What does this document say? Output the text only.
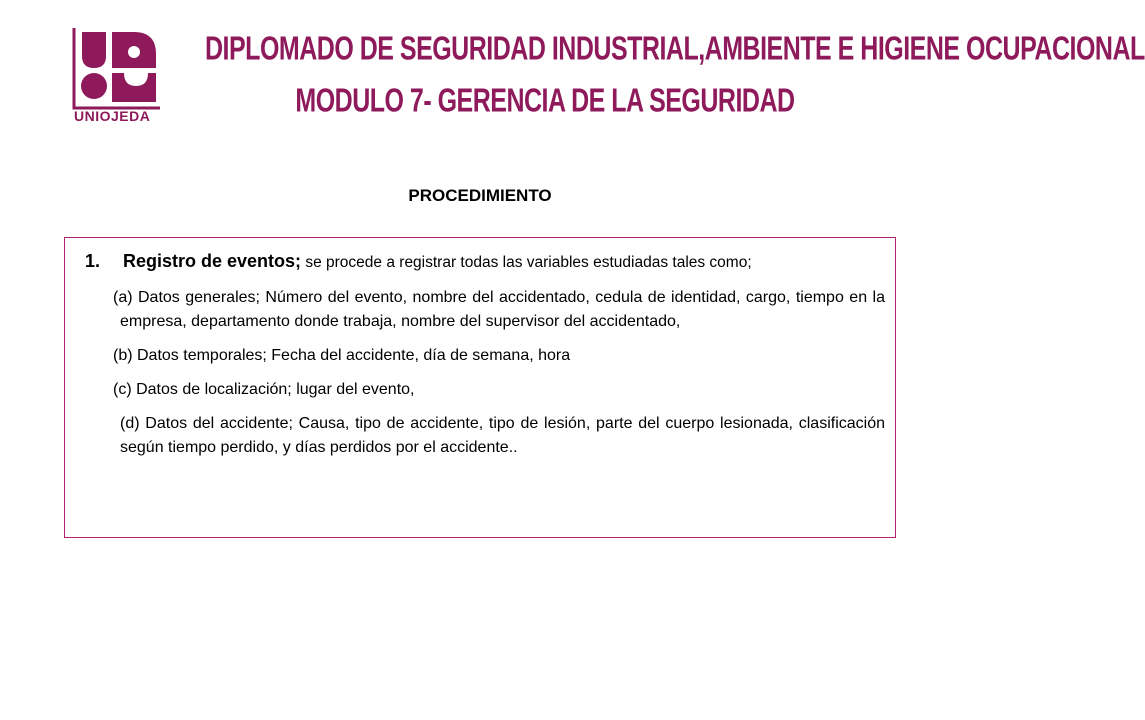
UNIOJEDA
DIPLOMADO DE SEGURIDAD INDUSTRIAL,AMBIENTE E HIGIENE OCUPACIONAL
MODULO 7- GERENCIA DE LA SEGURIDAD
PROCEDIMIENTO
1. Registro de eventos; se procede a registrar todas las variables estudiadas tales como;
(a) Datos generales; Número del evento, nombre del accidentado, cedula de identidad, cargo, tiempo en la empresa, departamento donde trabaja, nombre del supervisor del accidentado,
(b) Datos temporales; Fecha del accidente, día de semana, hora
(c) Datos de localización; lugar del evento,
(d) Datos del accidente; Causa, tipo de accidente, tipo de lesión, parte del cuerpo lesionada, clasificación según tiempo perdido, y días perdidos por el accidente..
